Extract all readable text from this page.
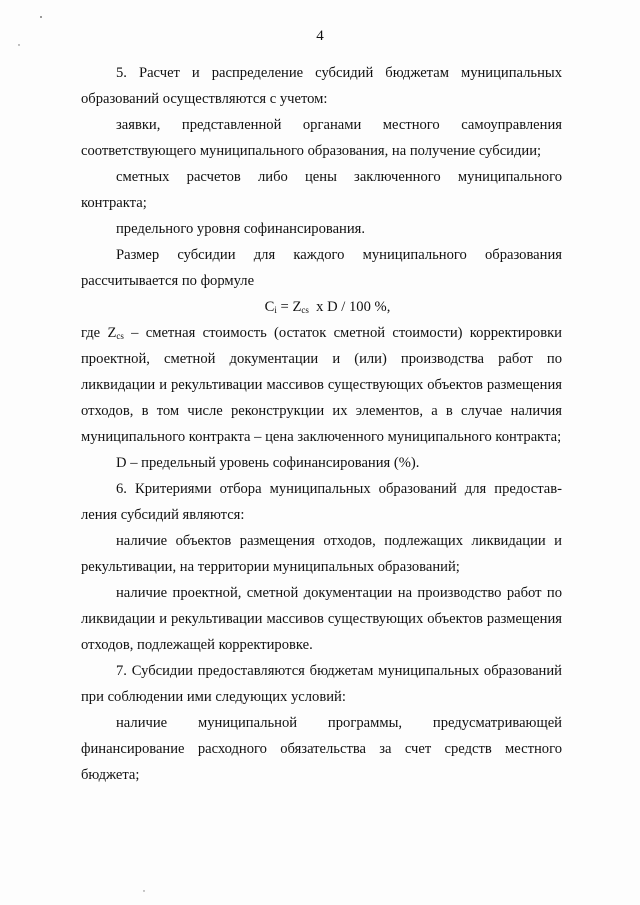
4

5. Расчет и распределение субсидий бюджетам муниципальных образований осуществляются с учетом:

заявки, представленной органами местного самоуправления соответствующего муниципального образования, на получение субсидии;

сметных расчетов либо цены заключенного муниципального контракта;

предельного уровня софинансирования.

Размер субсидии для каждого муниципального образования рассчитывается по формуле

$C_i = Z_{cs}$  x D / 100 %,

где $Z_{cs}$ – сметная стоимость (остаток сметной стоимости) корректировки проектной, сметной документации и (или) производства работ по ликвидации и рекультивации массивов существующих объектов размещения отходов, в том числе реконструкции их элементов, а в случае наличия муниципального контракта – цена заключенного муниципального контракта;

D – предельный уровень софинансирования (%).

6. Критериями отбора муниципальных образований для предостав-ления субсидий являются:

наличие объектов размещения отходов, подлежащих ликвидации и рекультивации, на территории муниципальных образований;

наличие проектной, сметной документации на производство работ по ликвидации и рекультивации массивов существующих объектов размещения отходов, подлежащей корректировке.

7. Субсидии предоставляются бюджетам муниципальных образований при соблюдении ими следующих условий:

наличие муниципальной программы, предусматривающей финансирование расходного обязательства за счет средств местного бюджета;
